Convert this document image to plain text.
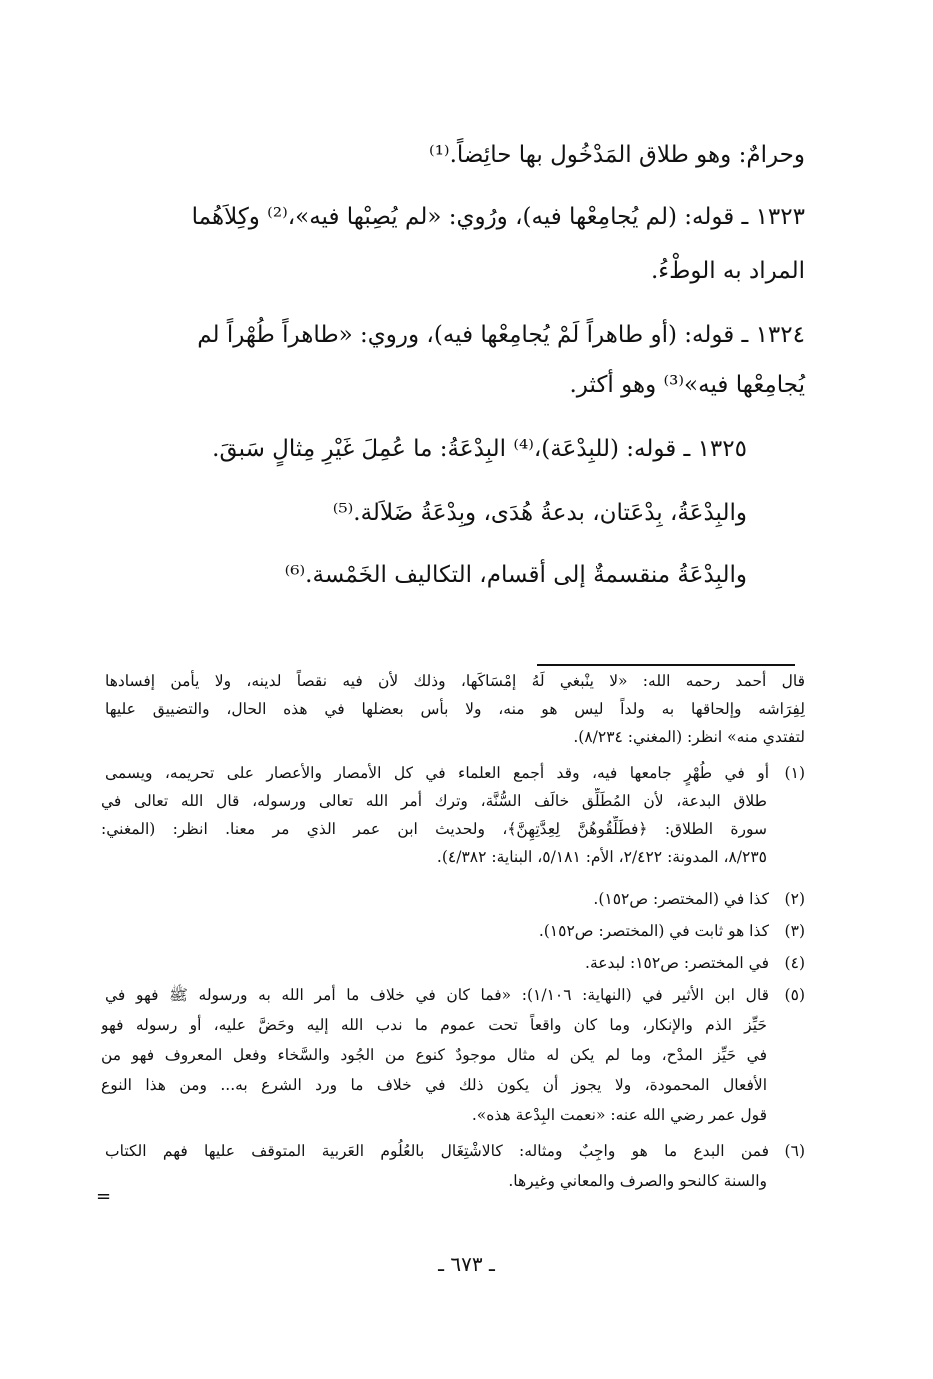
وحرامٌ: وهو طلاق المَدْخُول بها حائِضاً.⁽¹⁾
١٣٢٣ ـ قوله: (لم يُجامِعْها فيه)، ورُوي: «لم يُصِبْها فيه»،⁽²⁾ وكِلاَهُما
المراد به الوطْءُ.
١٣٢٤ ـ قوله: (أو طاهراً لَمْ يُجامِعْها فيه)، وروي: «طاهراً طُهْراً لم
يُجامِعْها فيه»⁽³⁾ وهو أكثر.
١٣٢٥ ـ قوله: (للبِدْعَة)،⁽⁴⁾ البِدْعَةُ: ما عُمِلَ غَيْرِ مِثالٍ سَبقَ.
والبِدْعَةُ، بِدْعَتان، بدعةُ هُدَى، وبِدْعَةُ ضَلاَلة.⁽⁵⁾
والبِدْعَةُ منقسمةٌ إلى أقسام، التكاليف الخَمْسة.⁽⁶⁾
قال أحمد رحمه الله: «لا ينْبغي لَهُ إمْسَاكَها، وذلك لأن فيه نقصاً لدينه، ولا يأمن إفسادها
لِفِرَاشه وإلحاقها به ولداً ليس هو منه، ولا بأس بعضلها في هذه الحال، والتضييق عليها
لتفتدي منه» انظر: (المغني: ٨/٢٣٤).
(١)أو في طُهْرٍ جامعها فيه، وقد أجمع العلماء في كل الأمصار والأعصار على تحريمه، ويسمى
طلاق البدعة، لأن المُطَلِّق خالَف السُّنَّة، وترك أمر الله تعالى ورسوله، قال الله تعالى في
سورة الطلاق: ﴿فطَلِّقُوهُنَّ لِعِدَّتِهِنَّ﴾، ولحديث ابن عمر الذي مر معنا. انظر: (المغني:
٨/٢٣٥، المدونة: ٢/٤٢٢، الأم: ٥/١٨١، البناية: ٤/٣٨٢).
(٢)كذا في (المختصر: ص١٥٢).
(٣)كذا هو ثابت في (المختصر: ص١٥٢).
(٤)في المختصر: ص١٥٢: لبدعة.
(٥)قال ابن الأثير في (النهاية: ١/١٠٦): «فما كان في خلاف ما أمر الله به ورسوله ﷺ فهو في
حَيِّز الذم والإنكار، وما كان واقعاً تحت عموم ما ندب الله إليه وحَضَّ عليه، أو رسوله فهو
في حَيِّز المدْح، وما لم يكن له مثال موجودٌ كنوع من الجُود والسَّخاء وفعل المعروف فهو من
الأفعال المحمودة، ولا يجوز أن يكون ذلك في خلاف ما ورد الشرع به... ومن هذا النوع
قول عمر رضي الله عنه: «نعمت البِدْعة هذه».
(٦)فمن البدع ما هو واجِبٌ ومثاله: كالاشْتِغَال بالعُلُوم العَربية المتوقف عليها فهم الكتاب
والسنة كالنحو والصرف والمعاني وغيرها.
=
ـ ٦٧٣ ـ
